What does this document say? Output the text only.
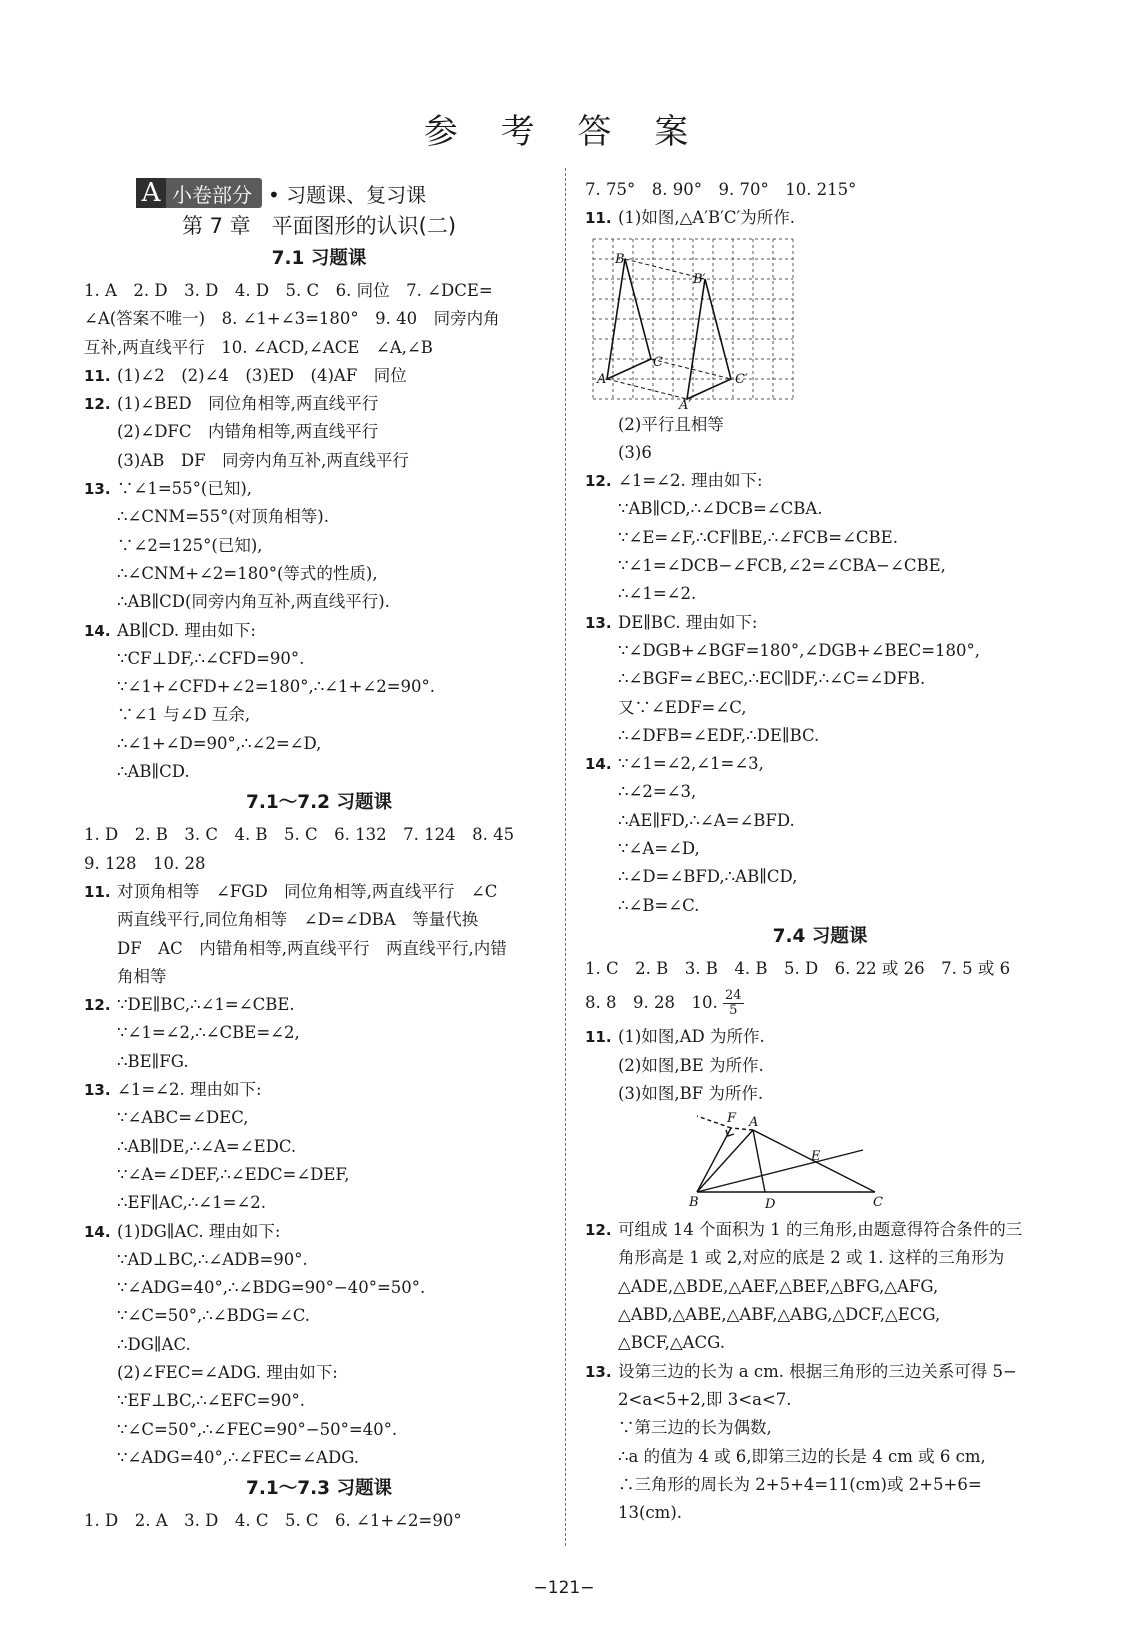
参 考 答 案
A 小卷部分 • 习题课、复习课
第 7 章　平面图形的认识(二)
7.1 习题课
1. A　2. D　3. D　4. D　5. C　6. 同位　7. ∠DCE=
∠A(答案不唯一)　8. ∠1+∠3=180°　9. 40　同旁内角
互补,两直线平行　10. ∠ACD,∠ACE　∠A,∠B
11. (1)∠2　(2)∠4　(3)ED　(4)AF　同位
12. (1)∠BED　同位角相等,两直线平行
(2)∠DFC　内错角相等,两直线平行
(3)AB　DF　同旁内角互补,两直线平行
13. ∵∠1=55°(已知),
∴∠CNM=55°(对顶角相等).
∵∠2=125°(已知),
∴∠CNM+∠2=180°(等式的性质),
∴AB∥CD(同旁内角互补,两直线平行).
14. AB∥CD. 理由如下:
∵CF⊥DF,∴∠CFD=90°.
∵∠1+∠CFD+∠2=180°,∴∠1+∠2=90°.
∵∠1 与∠D 互余,
∴∠1+∠D=90°,∴∠2=∠D,
∴AB∥CD.
7.1～7.2 习题课
1. D　2. B　3. C　4. B　5. C　6. 132　7. 124　8. 45
9. 128　10. 28
11. 对顶角相等　∠FGD　同位角相等,两直线平行　∠C
两直线平行,同位角相等　∠D=∠DBA　等量代换
DF　AC　内错角相等,两直线平行　两直线平行,内错
角相等
12. ∵DE∥BC,∴∠1=∠CBE.
∵∠1=∠2,∴∠CBE=∠2,
∴BE∥FG.
13. ∠1=∠2. 理由如下:
∵∠ABC=∠DEC,
∴AB∥DE,∴∠A=∠EDC.
∵∠A=∠DEF,∴∠EDC=∠DEF,
∴EF∥AC,∴∠1=∠2.
14. (1)DG∥AC. 理由如下:
∵AD⊥BC,∴∠ADB=90°.
∵∠ADG=40°,∴∠BDG=90°−40°=50°.
∵∠C=50°,∴∠BDG=∠C.
∴DG∥AC.
(2)∠FEC=∠ADG. 理由如下:
∵EF⊥BC,∴∠EFC=90°.
∵∠C=50°,∴∠FEC=90°−50°=40°.
∵∠ADG=40°,∴∠FEC=∠ADG.
7.1～7.3 习题课
1. D　2. A　3. D　4. C　5. C　6. ∠1+∠2=90°
7. 75°　8. 90°　9. 70°　10. 215°
11. (1)如图,△A′B′C′为所作.
B
C
A
B′
C′
A′
(2)平行且相等
(3)6
12. ∠1=∠2. 理由如下:
∵AB∥CD,∴∠DCB=∠CBA.
∵∠E=∠F,∴CF∥BE,∴∠FCB=∠CBE.
∵∠1=∠DCB−∠FCB,∠2=∠CBA−∠CBE,
∴∠1=∠2.
13. DE∥BC. 理由如下:
∵∠DGB+∠BGF=180°,∠DGB+∠BEC=180°,
∴∠BGF=∠BEC,∴EC∥DF,∴∠C=∠DFB.
又∵∠EDF=∠C,
∴∠DFB=∠EDF,∴DE∥BC.
14. ∵∠1=∠2,∠1=∠3,
∴∠2=∠3,
∴AE∥FD,∴∠A=∠BFD.
∵∠A=∠D,
∴∠D=∠BFD,∴AB∥CD,
∴∠B=∠C.
7.4 习题课
1. C　2. B　3. B　4. B　5. D　6. 22 或 26　7. 5 或 6
8. 8　9. 28　10. $\frac{24}{5}$
11. (1)如图,AD 为所作.
(2)如图,BE 为所作.
(3)如图,BF 为所作.
F A
E
B	D	C
12. 可组成 14 个面积为 1 的三角形,由题意得符合条件的三
角形高是 1 或 2,对应的底是 2 或 1. 这样的三角形为
△ADE,△BDE,△AEF,△BEF,△BFG,△AFG,
△ABD,△ABE,△ABF,△ABG,△DCF,△ECG,
△BCF,△ACG.
13. 设第三边的长为 a cm. 根据三角形的三边关系可得 5−
2<a<5+2,即 3<a<7.
∵第三边的长为偶数,
∴a 的值为 4 或 6,即第三边的长是 4 cm 或 6 cm,
∴三角形的周长为 2+5+4=11(cm)或 2+5+6=
13(cm).
−121−
